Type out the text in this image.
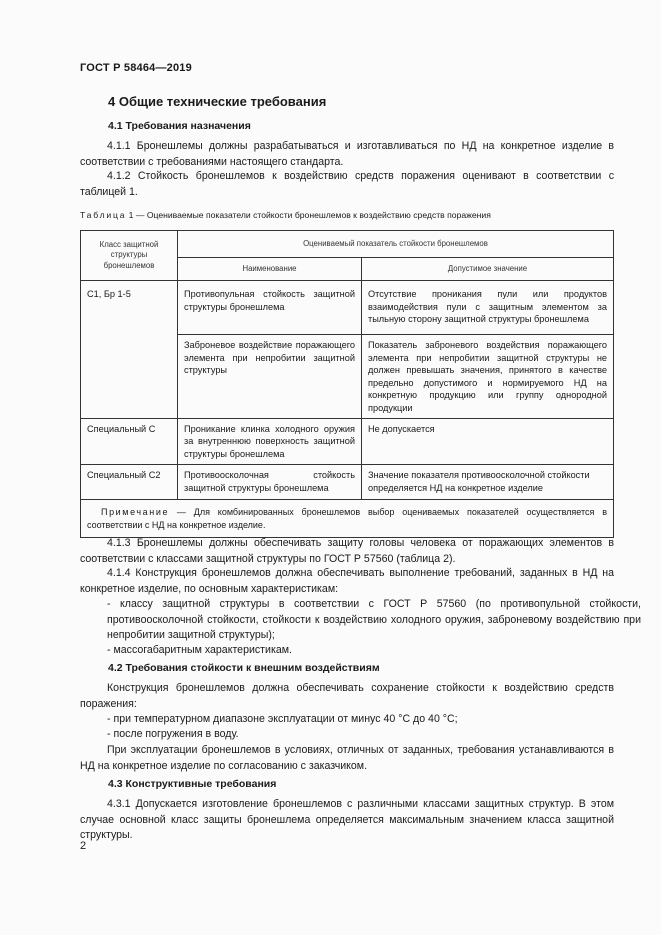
ГОСТ Р 58464—2019
4 Общие технические требования
4.1 Требования назначения
4.1.1 Бронешлемы должны разрабатываться и изготавливаться по НД на конкретное изделие в соответствии с требованиями настоящего стандарта.
4.1.2 Стойкость бронешлемов к воздействию средств поражения оценивают в соответствии с таблицей 1.
Таблица 1 — Оцениваемые показатели стойкости бронешлемов к воздействию средств поражения
Класс защитной структуры бронешлемов	Оцениваемый показатель стойкости бронешлемов	
	Наименование	Допустимое значение
С1, Бр 1-5	Противопульная стойкость защитной структуры бронешлема	Отсутствие проникания пули или продуктов взаимодействия пули с защитным элементом за тыльную сторону защитной структуры бронешлема
	Заброневое воздействие поражающего элемента при непробитии защитной структуры	Показатель заброневого воздействия поражающего элемента при непробитии защитной структуры не должен превышать значения, принятого в качестве предельно допустимого и нормируемого НД на конкретную продукцию или группу однородной продукции
Специальный С	Проникание клинка холодного оружия за внутреннюю поверхность защитной структуры бронешлема	Не допускается
Специальный С2	Противоосколочная стойкость защитной структуры бронешлема	Значение показателя противоосколочной стойкости определяется НД на конкретное изделие
Примечание — Для комбинированных бронешлемов выбор оцениваемых показателей осуществляется в соответствии с НД на конкретное изделие.		
4.1.3 Бронешлемы должны обеспечивать защиту головы человека от поражающих элементов в соответствии с классами защитной структуры по ГОСТ Р 57560 (таблица 2).
4.1.4 Конструкция бронешлемов должна обеспечивать выполнение требований, заданных в НД на конкретное изделие, по основным характеристикам:
- классу защитной структуры в соответствии с ГОСТ Р 57560 (по противопульной стойкости, противоосколочной стойкости, стойкости к воздействию холодного оружия, заброневому воздействию при непробитии защитной структуры);
- массогабаритным характеристикам.
4.2 Требования стойкости к внешним воздействиям
Конструкция бронешлемов должна обеспечивать сохранение стойкости к воздействию средств поражения:
- при температурном диапазоне эксплуатации от минус 40 °С до 40 °С;
- после погружения в воду.
При эксплуатации бронешлемов в условиях, отличных от заданных, требования устанавливаются в НД на конкретное изделие по согласованию с заказчиком.
4.3 Конструктивные требования
4.3.1 Допускается изготовление бронешлемов с различными классами защитных структур. В этом случае основной класс защиты бронешлема определяется максимальным значением класса защитной структуры.
2
